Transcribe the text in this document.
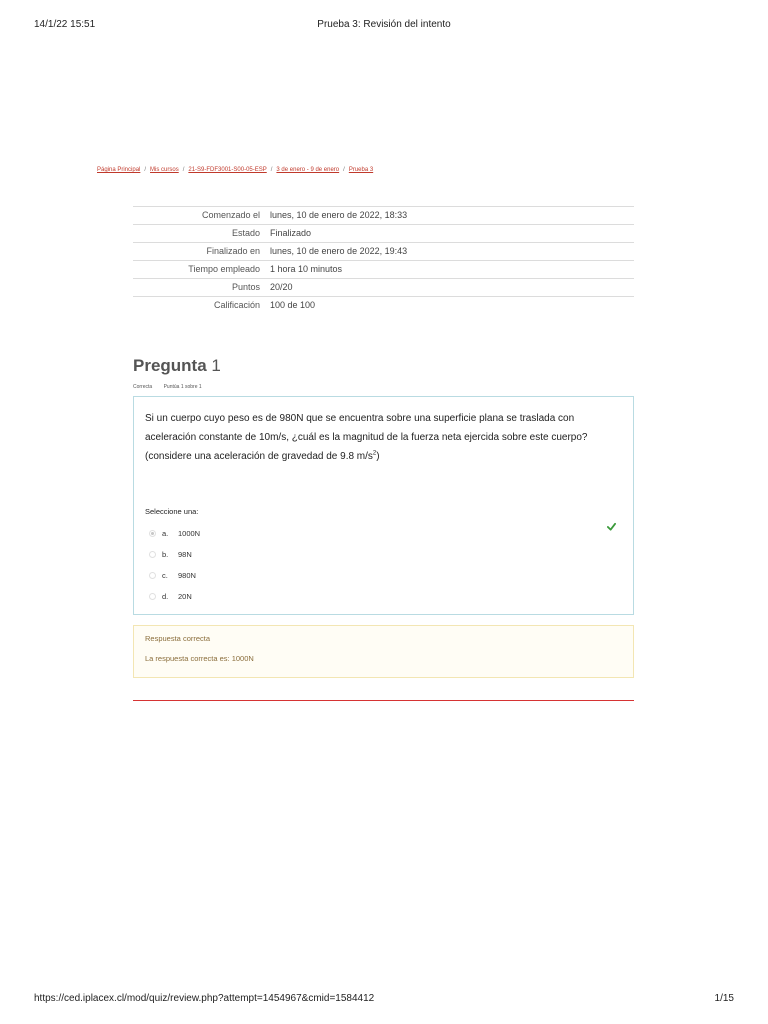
14/1/22 15:51	Prueba 3: Revisión del intento
Página Principal / Mis cursos / 21-S9-FDF3001-S00-05-ESP / 3 de enero - 9 de enero / Prueba 3
Comenzado el	lunes, 10 de enero de 2022, 18:33
Estado	Finalizado
Finalizado en	lunes, 10 de enero de 2022, 19:43
Tiempo empleado	1 hora 10 minutos
Puntos	20/20
Calificación	100 de 100
Pregunta 1
Correcta Puntúa 1 sobre 1
Si un cuerpo cuyo peso es de 980N que se encuentra sobre una superficie plana se traslada con aceleración constante de 10m/s, ¿cuál es la magnitud de la fuerza neta ejercida sobre este cuerpo? (considere una aceleración de gravedad de 9.8 $m/s^2$)
Seleccione una:
a.	1000N
b.	98N
c.	980N
d.	20N
Respuesta correcta
La respuesta correcta es: 1000N
https://ced.iplacex.cl/mod/quiz/review.php?attempt=1454967&cmid=1584412	1/15
